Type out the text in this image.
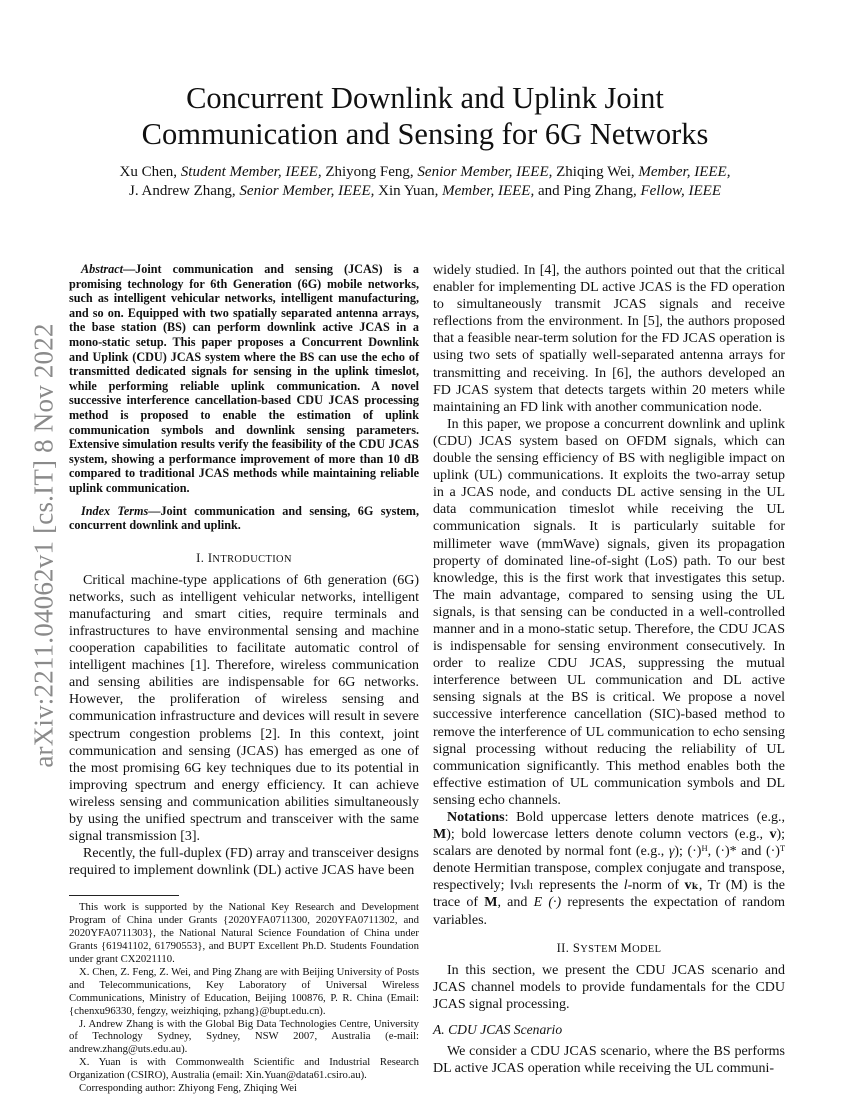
arXiv:2211.04062v1 [cs.IT] 8 Nov 2022
Concurrent Downlink and Uplink Joint
Communication and Sensing for 6G Networks
Xu Chen, Student Member, IEEE, Zhiyong Feng, Senior Member, IEEE, Zhiqing Wei, Member, IEEE,
J. Andrew Zhang, Senior Member, IEEE, Xin Yuan, Member, IEEE, and Ping Zhang, Fellow, IEEE

Abstract—Joint communication and sensing (JCAS) is a promising technology for 6th Generation (6G) mobile networks, such as intelligent vehicular networks, intelligent manufacturing, and so on. Equipped with two spatially separated antenna arrays, the base station (BS) can perform downlink active JCAS in a mono-static setup. This paper proposes a Concurrent Downlink and Uplink (CDU) JCAS system where the BS can use the echo of transmitted dedicated signals for sensing in the uplink timeslot, while performing reliable uplink communication. A novel successive interference cancellation-based CDU JCAS processing method is proposed to enable the estimation of uplink communication symbols and downlink sensing parameters. Extensive simulation results verify the feasibility of the CDU JCAS system, showing a performance improvement of more than 10 dB compared to traditional JCAS methods while maintaining reliable uplink communication.

Index Terms—Joint communication and sensing, 6G system, concurrent downlink and uplink.

I. INTRODUCTION

Critical machine-type applications of 6th generation (6G) networks, such as intelligent vehicular networks, intelligent manufacturing and smart cities, require terminals and infrastructures to have environmental sensing and machine cooperation capabilities to facilitate automatic control of intelligent machines [1]. Therefore, wireless communication and sensing abilities are indispensable for 6G networks. However, the proliferation of wireless sensing and communication infrastructure and devices will result in severe spectrum congestion problems [2]. In this context, joint communication and sensing (JCAS) has emerged as one of the most promising 6G key techniques due to its potential in improving spectrum and energy efficiency. It can achieve wireless sensing and communication abilities simultaneously by using the unified spectrum and transceiver with the same signal transmission [3].

Recently, the full-duplex (FD) array and transceiver designs required to implement downlink (DL) active JCAS have been

This work is supported by the National Key Research and Development Program of China under Grants {2020YFA0711300, 2020YFA0711302, and 2020YFA0711303}, the National Natural Science Foundation of China under Grants {61941102, 61790553}, and BUPT Excellent Ph.D. Students Foundation under grant CX2021110.

X. Chen, Z. Feng, Z. Wei, and Ping Zhang are with Beijing University of Posts and Telecommunications, Key Laboratory of Universal Wireless Communications, Ministry of Education, Beijing 100876, P. R. China (Email:{chenxu96330, fengzy, weizhiqing, pzhang}@bupt.edu.cn).

J. Andrew Zhang is with the Global Big Data Technologies Centre, University of Technology Sydney, Sydney, NSW 2007, Australia (e-mail: andrew.zhang@uts.edu.au).

X. Yuan is with Commonwealth Scientific and Industrial Research Organization (CSIRO), Australia (email: Xin.Yuan@data61.csiro.au).

Corresponding author: Zhiyong Feng, Zhiqing Wei

widely studied. In [4], the authors pointed out that the critical enabler for implementing DL active JCAS is the FD operation to simultaneously transmit JCAS signals and receive reflections from the environment. In [5], the authors proposed that a feasible near-term solution for the FD JCAS operation is using two sets of spatially well-separated antenna arrays for transmitting and receiving. In [6], the authors developed an FD JCAS system that detects targets within 20 meters while maintaining an FD link with another communication node.

In this paper, we propose a concurrent downlink and uplink (CDU) JCAS system based on OFDM signals, which can double the sensing efficiency of BS with negligible impact on uplink (UL) communications. It exploits the two-array setup in a JCAS node, and conducts DL active sensing in the UL data communication timeslot while receiving the UL communication signals. It is particularly suitable for millimeter wave (mmWave) signals, given its propagation property of dominated line-of-sight (LoS) path. To our best knowledge, this is the first work that investigates this setup. The main advantage, compared to sensing using the UL signals, is that sensing can be conducted in a well-controlled manner and in a mono-static setup. Therefore, the CDU JCAS is indispensable for sensing environment consecutively. In order to realize CDU JCAS, suppressing the mutual interference between UL communication and DL active sensing signals at the BS is critical. We propose a novel successive interference cancellation (SIC)-based method to remove the interference of UL communication to echo sensing signal processing without reducing the reliability of UL communication significantly. This method enables both the effective estimation of UL communication symbols and DL sensing echo channels.

Notations: Bold uppercase letters denote matrices (e.g., M); bold lowercase letters denote column vectors (e.g., v); scalars are denoted by normal font (e.g., γ); (·)ᴴ, (·)* and (·)ᵀ denote Hermitian transpose, complex conjugate and transpose, respectively; ‖vₖ‖ₗ represents the l-norm of vₖ, Tr (M) is the trace of M, and E (·) represents the expectation of random variables.

II. SYSTEM MODEL

In this section, we present the CDU JCAS scenario and JCAS channel models to provide fundamentals for the CDU JCAS signal processing.

A. CDU JCAS Scenario

We consider a CDU JCAS scenario, where the BS performs DL active JCAS operation while receiving the UL communi-
